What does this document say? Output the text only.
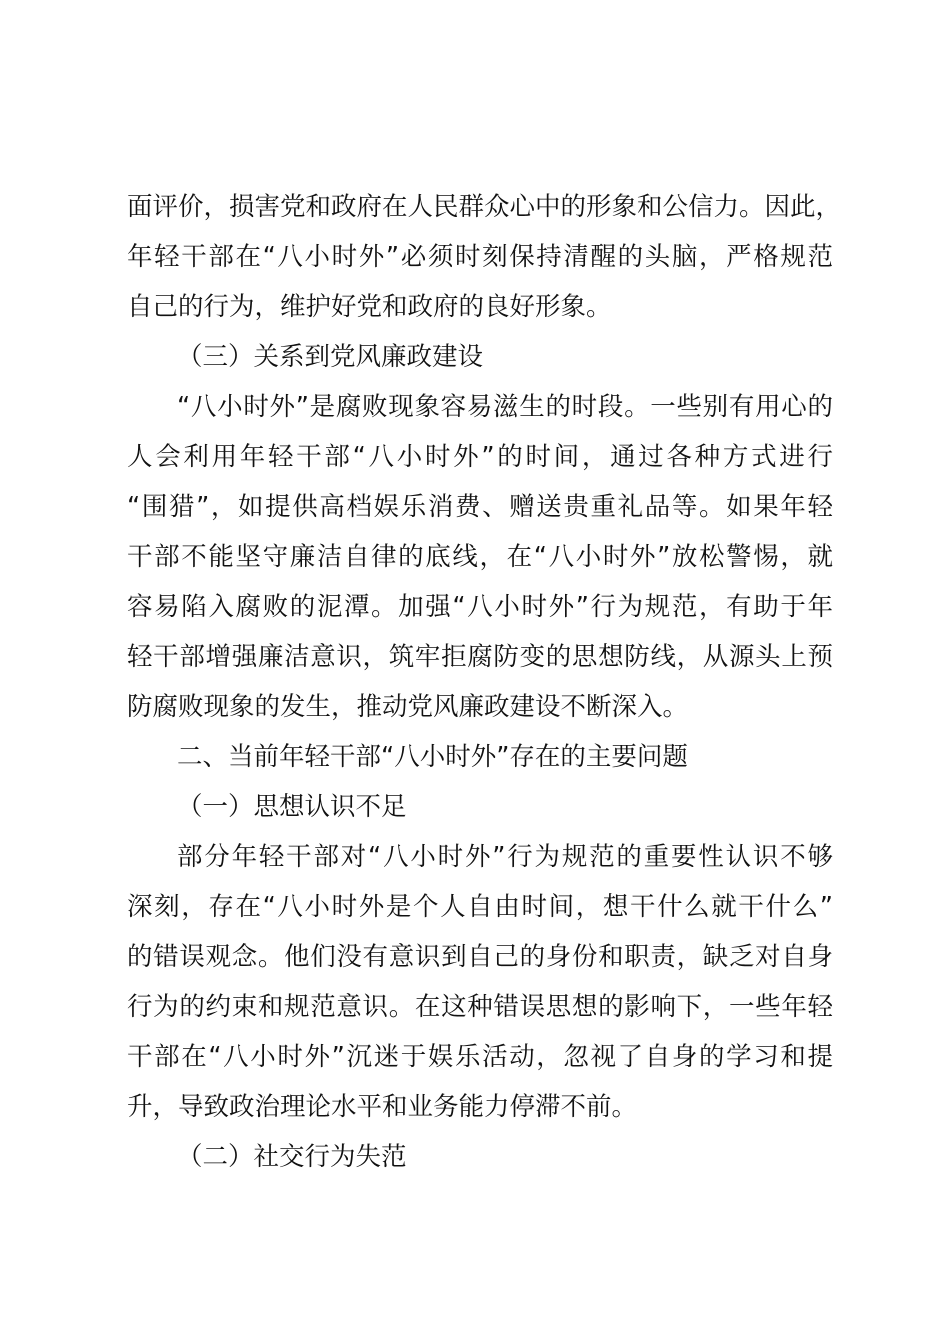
面评价，损害党和政府在人民群众心中的形象和公信力。因此，
年轻干部在“八小时外”必须时刻保持清醒的头脑，严格规范
自己的行为，维护好党和政府的良好形象。
（三）关系到党风廉政建设
“八小时外”是腐败现象容易滋生的时段。一些别有用心的
人会利用年轻干部“八小时外”的时间，通过各种方式进行
“围猎”，如提供高档娱乐消费、赠送贵重礼品等。如果年轻
干部不能坚守廉洁自律的底线，在“八小时外”放松警惕，就
容易陷入腐败的泥潭。加强“八小时外”行为规范，有助于年
轻干部增强廉洁意识，筑牢拒腐防变的思想防线，从源头上预
防腐败现象的发生，推动党风廉政建设不断深入。
二、当前年轻干部“八小时外”存在的主要问题
（一）思想认识不足
部分年轻干部对“八小时外”行为规范的重要性认识不够
深刻，存在“八小时外是个人自由时间，想干什么就干什么”
的错误观念。他们没有意识到自己的身份和职责，缺乏对自身
行为的约束和规范意识。在这种错误思想的影响下，一些年轻
干部在“八小时外”沉迷于娱乐活动，忽视了自身的学习和提
升，导致政治理论水平和业务能力停滞不前。
（二）社交行为失范
